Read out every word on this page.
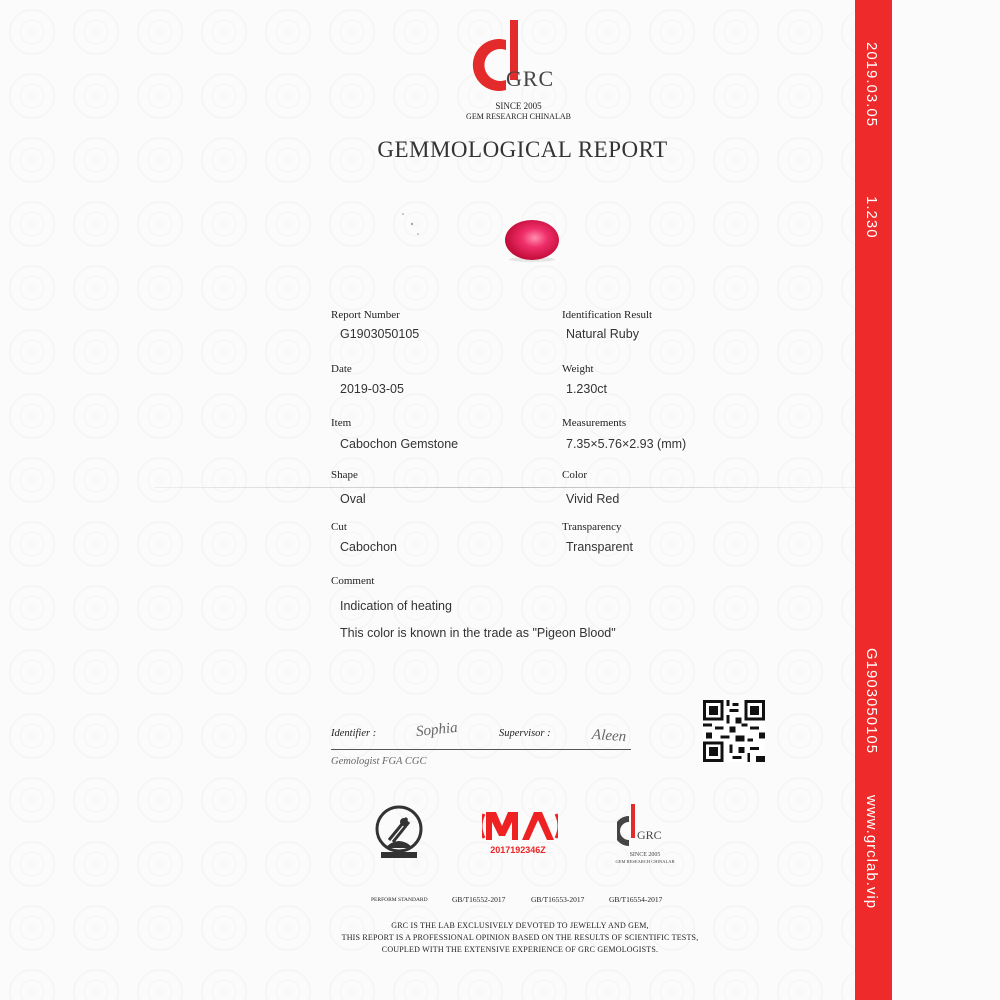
GRC
SINCE 2005
GEM RESEARCH CHINALAB
GEMMOLOGICAL REPORT
Report Number
G1903050105
Date
2019-03-05
Item
Cabochon Gemstone
Shape
Oval
Cut
Cabochon
Comment
Indication of heating
This color is known in the trade as "Pigeon Blood"
Identification Result
Natural Ruby
Weight
1.230ct
Measurements
7.35×5.76×2.93 (mm)
Color
Vivid Red
Transparency
Transparent
Identifier :	Sophia	Supervisor :	Aleen
Gemologist FGA CGC
2017192346Z
GRC
SINCE 2005
GEM RESEARCH CHINALAB
PERFORM STANDARD	GB/T16552-2017	GB/T16553-2017	GB/T16554-2017
GRC IS THE LAB EXCLUSIVELY DEVOTED TO JEWELLY AND GEM,
THIS REPORT IS A PROFESSIONAL OPINION BASED ON THE RESULTS OF SCIENTIFIC TESTS,
COUPLED WITH THE EXTENSIVE EXPERIENCE OF GRC GEMOLOGISTS.
2019.03.05
1.230
G1903050105
www.grclab.vip
